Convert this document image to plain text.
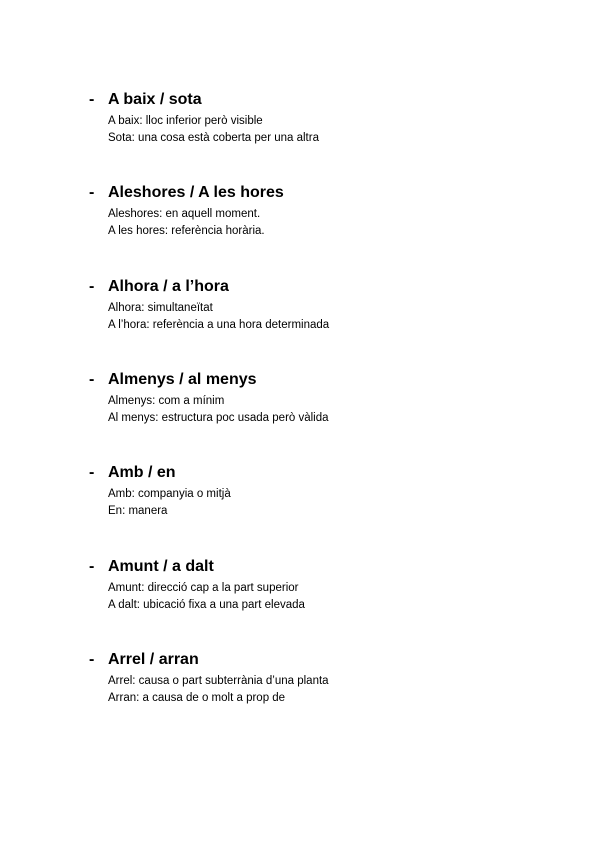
- A baix / sota
A baix: lloc inferior però visible
Sota: una cosa està coberta per una altra
- Aleshores / A les hores
Aleshores: en aquell moment.
A les hores: referència horària.
- Alhora / a l’hora
Alhora: simultaneïtat
A l’hora: referència a una hora determinada
- Almenys / al menys
Almenys: com a mínim
Al menys: estructura poc usada però vàlida
- Amb / en
Amb: companyia o mitjà
En: manera
- Amunt / a dalt
Amunt: direcció cap a la part superior
A dalt: ubicació fixa a una part elevada
- Arrel / arran
Arrel: causa o part subterrània d’una planta
Arran: a causa de o molt a prop de
